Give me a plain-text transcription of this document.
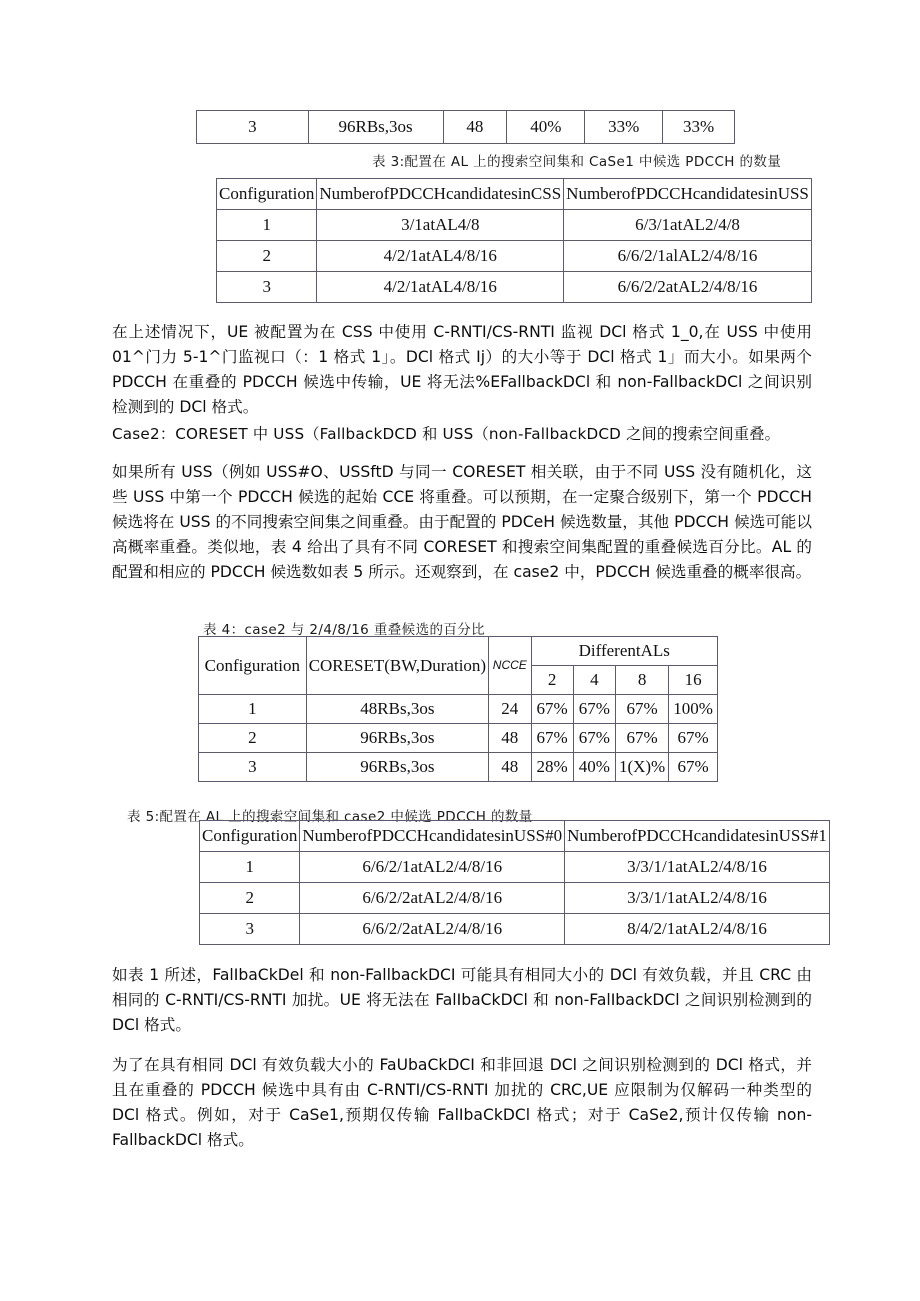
3	96RBs,3os	48	40%	33%	33%
表 3:配置在 AL 上的搜索空间集和 CaSe1 中候选 PDCCH 的数量
Configuration	NumberofPDCCHcandidatesinCSS	NumberofPDCCHcandidatesinUSS
1	3/1atAL4/8	6/3/1atAL2/4/8
2	4/2/1atAL4/8/16	6/6/2/1alAL2/4/8/16
3	4/2/1atAL4/8/16	6/6/2/2atAL2/4/8/16
在上述情况下，UE 被配置为在 CSS 中使用 C-RNTI/CS-RNTI 监视 DCl 格式 1_0,在 USS 中使用 01^门力 5-1^门监视口（：1 格式 1」。DCl 格式 Ij）的大小等于 DCl 格式 1」而大小。如果两个 PDCCH 在重叠的 PDCCH 候选中传输，UE 将无法%EFallbackDCl 和 non-FallbackDCl 之间识别检测到的 DCl 格式。
Case2：CORESET 中 USS（FallbackDCD 和 USS（non-FallbackDCD 之间的搜索空间重叠。
如果所有 USS（例如 USS#O、USSftD 与同一 CORESET 相关联，由于不同 USS 没有随机化，这些 USS 中第一个 PDCCH 候选的起始 CCE 将重叠。可以预期，在一定聚合级别下，第一个 PDCCH 候选将在 USS 的不同搜索空间集之间重叠。由于配置的 PDCeH 候选数量，其他 PDCCH 候选可能以高概率重叠。类似地，表 4 给出了具有不同 CORESET 和搜索空间集配置的重叠候选百分比。AL 的配置和相应的 PDCCH 候选数如表 5 所示。还观察到，在 case2 中，PDCCH 候选重叠的概率很高。
表 4：case2 与 2/4/8/16 重叠候选的百分比
Configuration	CORESET(BW,Duration)	NCCE	DifferentALs			
			2	4	8	16
1	48RBs,3os	24	67%	67%	67%	100%
2	96RBs,3os	48	67%	67%	67%	67%
3	96RBs,3os	48	28%	40%	1(X)%	67%
表 5:配置在 AL 上的搜索空间集和 case2 中候选 PDCCH 的数量
Configuration	NumberofPDCCHcandidatesinUSS#0	NumberofPDCCHcandidatesinUSS#1
1	6/6/2/1atAL2/4/8/16	3/3/1/1atAL2/4/8/16
2	6/6/2/2atAL2/4/8/16	3/3/1/1atAL2/4/8/16
3	6/6/2/2atAL2/4/8/16	8/4/2/1atAL2/4/8/16
如表 1 所述，FalIbaCkDel 和 non-FallbackDCI 可能具有相同大小的 DCl 有效负载，并且 CRC 由相同的 C-RNTI/CS-RNTI 加扰。UE 将无法在 FalIbaCkDCl 和 non-FalIbackDCl 之间识别检测到的 DCl 格式。
为了在具有相同 DCl 有效负载大小的 FaUbaCkDCI 和非回退 DCl 之间识别检测到的 DCl 格式，并且在重叠的 PDCCH 候选中具有由 C-RNTI/CS-RNTI 加扰的 CRC,UE 应限制为仅解码一种类型的 DCl 格式。例如，对于 CaSe1,预期仅传输 FalIbaCkDCl 格式；对于 CaSe2,预计仅传输 non-FallbackDCl 格式。
